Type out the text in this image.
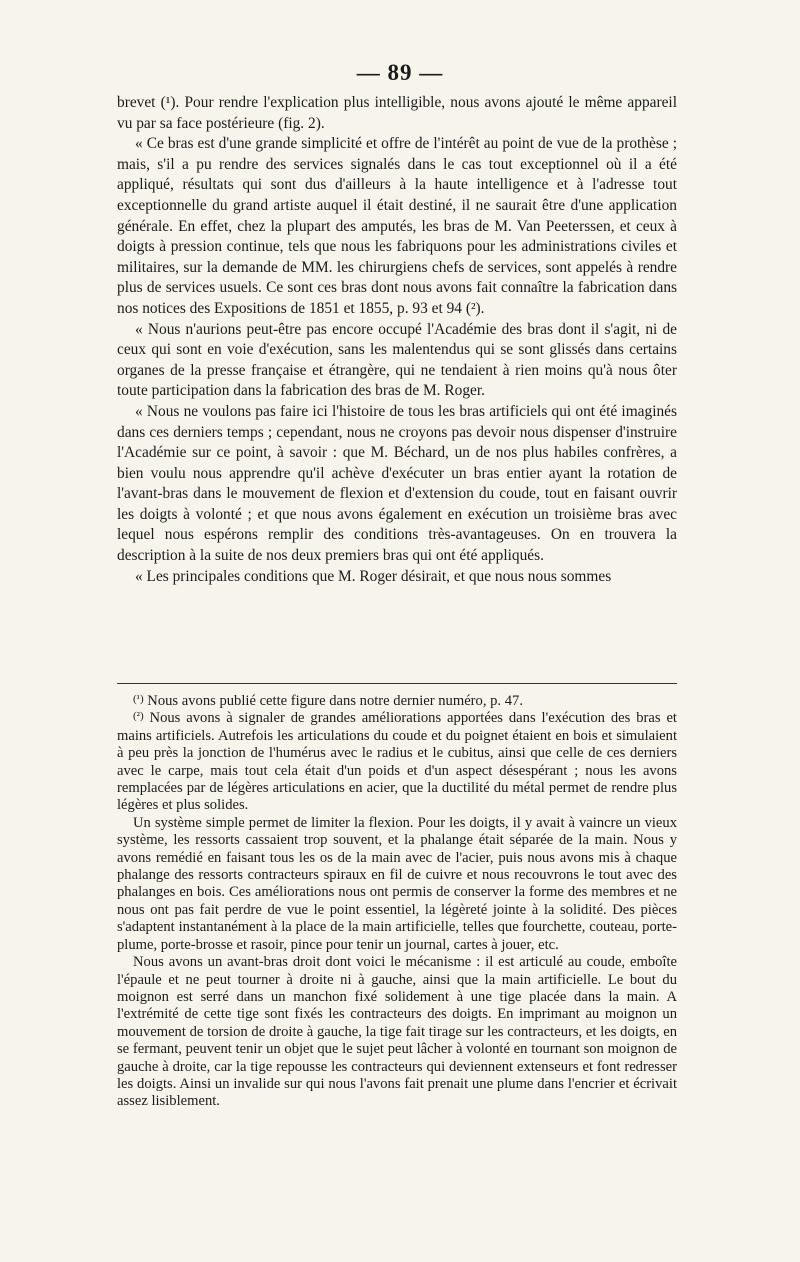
— 89 —

brevet (¹). Pour rendre l'explication plus intelligible, nous avons ajouté le même appareil vu par sa face postérieure (fig. 2).

« Ce bras est d'une grande simplicité et offre de l'intérêt au point de vue de la prothèse ; mais, s'il a pu rendre des services signalés dans le cas tout exceptionnel où il a été appliqué, résultats qui sont dus d'ailleurs à la haute intelligence et à l'adresse tout exceptionnelle du grand artiste auquel il était destiné, il ne saurait être d'une application générale. En effet, chez la plupart des amputés, les bras de M. Van Peeterssen, et ceux à doigts à pression continue, tels que nous les fabriquons pour les administrations civiles et militaires, sur la demande de MM. les chirurgiens chefs de services, sont appelés à rendre plus de services usuels. Ce sont ces bras dont nous avons fait connaître la fabrication dans nos notices des Expositions de 1851 et 1855, p. 93 et 94 (²).

« Nous n'aurions peut-être pas encore occupé l'Académie des bras dont il s'agit, ni de ceux qui sont en voie d'exécution, sans les malentendus qui se sont glissés dans certains organes de la presse française et étrangère, qui ne tendaient à rien moins qu'à nous ôter toute participation dans la fabrication des bras de M. Roger.

« Nous ne voulons pas faire ici l'histoire de tous les bras artificiels qui ont été imaginés dans ces derniers temps ; cependant, nous ne croyons pas devoir nous dispenser d'instruire l'Académie sur ce point, à savoir : que M. Béchard, un de nos plus habiles confrères, a bien voulu nous apprendre qu'il achève d'exécuter un bras entier ayant la rotation de l'avant-bras dans le mouvement de flexion et d'extension du coude, tout en faisant ouvrir les doigts à volonté ; et que nous avons également en exécution un troisième bras avec lequel nous espérons remplir des conditions très-avantageuses. On en trouvera la description à la suite de nos deux premiers bras qui ont été appliqués.

« Les principales conditions que M. Roger désirait, et que nous nous sommes

$^{(^1)}$ Nous avons publié cette figure dans notre dernier numéro, p. 47.

$^{(^2)}$ Nous avons à signaler de grandes améliorations apportées dans l'exécution des bras et mains artificiels. Autrefois les articulations du coude et du poignet étaient en bois et simulaient à peu près la jonction de l'humérus avec le radius et le cubitus, ainsi que celle de ces derniers avec le carpe, mais tout cela était d'un poids et d'un aspect désespérant ; nous les avons remplacées par de légères articulations en acier, que la ductilité du métal permet de rendre plus légères et plus solides.

Un système simple permet de limiter la flexion. Pour les doigts, il y avait à vaincre un vieux système, les ressorts cassaient trop souvent, et la phalange était séparée de la main. Nous y avons remédié en faisant tous les os de la main avec de l'acier, puis nous avons mis à chaque phalange des ressorts contracteurs spiraux en fil de cuivre et nous recouvrons le tout avec des phalanges en bois. Ces améliorations nous ont permis de conserver la forme des membres et ne nous ont pas fait perdre de vue le point essentiel, la légèreté jointe à la solidité. Des pièces s'adaptent instantanément à la place de la main artificielle, telles que fourchette, couteau, porte-plume, porte-brosse et rasoir, pince pour tenir un journal, cartes à jouer, etc.

Nous avons un avant-bras droit dont voici le mécanisme : il est articulé au coude, emboîte l'épaule et ne peut tourner à droite ni à gauche, ainsi que la main artificielle. Le bout du moignon est serré dans un manchon fixé solidement à une tige placée dans la main. A l'extrémité de cette tige sont fixés les contracteurs des doigts. En imprimant au moignon un mouvement de torsion de droite à gauche, la tige fait tirage sur les contracteurs, et les doigts, en se fermant, peuvent tenir un objet que le sujet peut lâcher à volonté en tournant son moignon de gauche à droite, car la tige repousse les contracteurs qui deviennent extenseurs et font redresser les doigts. Ainsi un invalide sur qui nous l'avons fait prenait une plume dans l'encrier et écrivait assez lisiblement.
